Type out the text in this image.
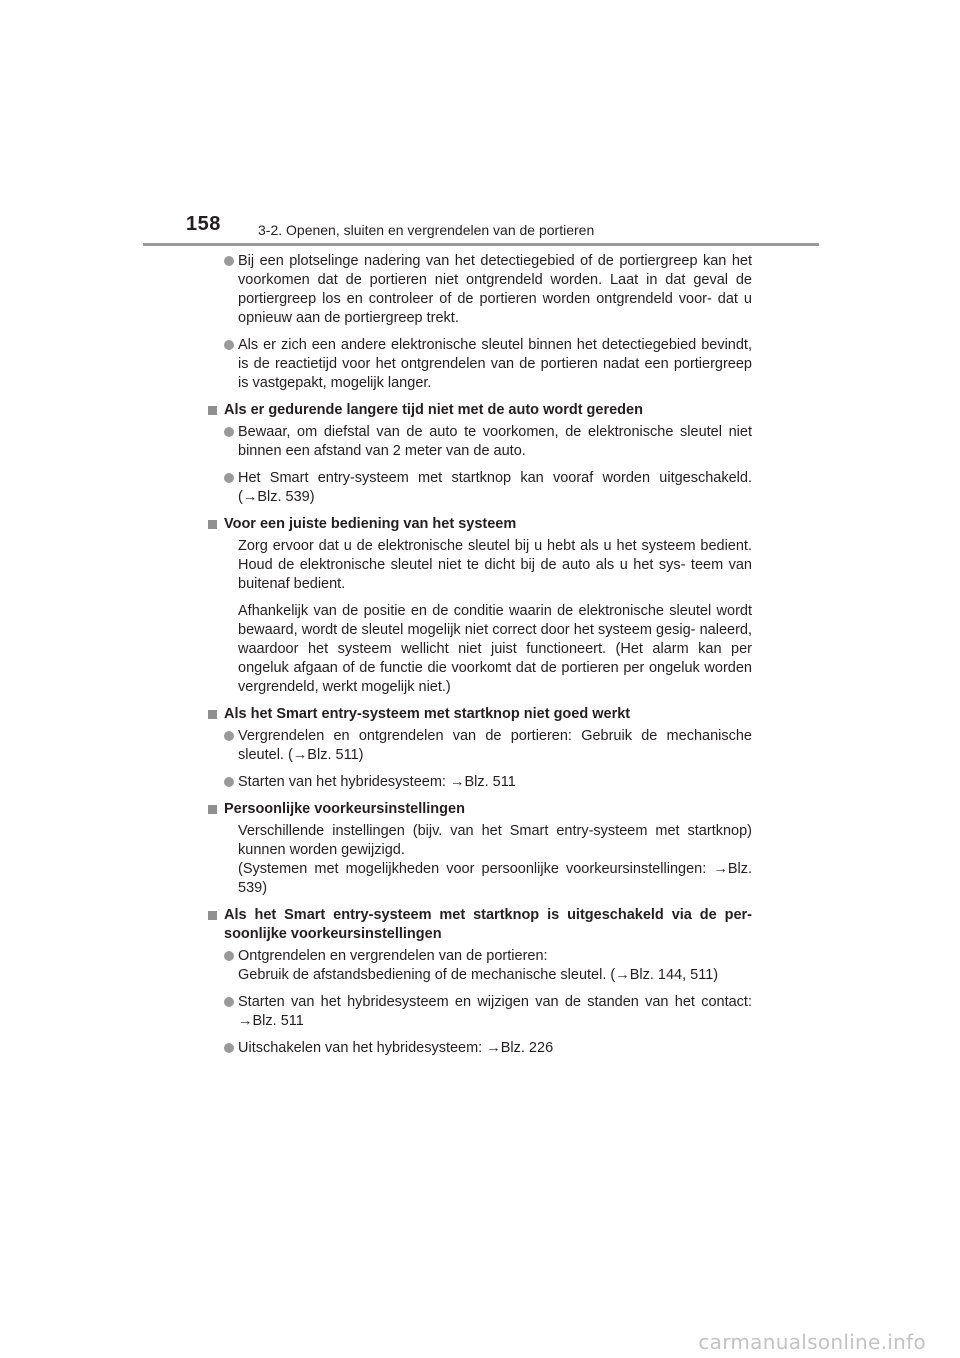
158	3-2. Openen, sluiten en vergrendelen van de portieren
Bij een plotselinge nadering van het detectiegebied of de portiergreep kan het voorkomen dat de portieren niet ontgrendeld worden. Laat in dat geval de portiergreep los en controleer of de portieren worden ontgrendeld voor- dat u opnieuw aan de portiergreep trekt.
Als er zich een andere elektronische sleutel binnen het detectiegebied bevindt, is de reactietijd voor het ontgrendelen van de portieren nadat een portiergreep is vastgepakt, mogelijk langer.
Als er gedurende langere tijd niet met de auto wordt gereden
Bewaar, om diefstal van de auto te voorkomen, de elektronische sleutel niet binnen een afstand van 2 meter van de auto.
Het Smart entry-systeem met startknop kan vooraf worden uitgeschakeld. (→Blz. 539)
Voor een juiste bediening van het systeem
Zorg ervoor dat u de elektronische sleutel bij u hebt als u het systeem bedient. Houd de elektronische sleutel niet te dicht bij de auto als u het sys- teem van buitenaf bedient.
Afhankelijk van de positie en de conditie waarin de elektronische sleutel wordt bewaard, wordt de sleutel mogelijk niet correct door het systeem gesig- naleerd, waardoor het systeem wellicht niet juist functioneert. (Het alarm kan per ongeluk afgaan of de functie die voorkomt dat de portieren per ongeluk worden vergrendeld, werkt mogelijk niet.)
Als het Smart entry-systeem met startknop niet goed werkt
Vergrendelen en ontgrendelen van de portieren: Gebruik de mechanische sleutel. (→Blz. 511)
Starten van het hybridesysteem: →Blz. 511
Persoonlijke voorkeursinstellingen
Verschillende instellingen (bijv. van het Smart entry-systeem met startknop) kunnen worden gewijzigd.
(Systemen met mogelijkheden voor persoonlijke voorkeursinstellingen: →Blz. 539)
Als het Smart entry-systeem met startknop is uitgeschakeld via de per- soonlijke voorkeursinstellingen
Ontgrendelen en vergrendelen van de portieren:
Gebruik de afstandsbediening of de mechanische sleutel. (→Blz. 144, 511)
Starten van het hybridesysteem en wijzigen van de standen van het contact: →Blz. 511
Uitschakelen van het hybridesysteem: →Blz. 226
carmanualsonline.info
